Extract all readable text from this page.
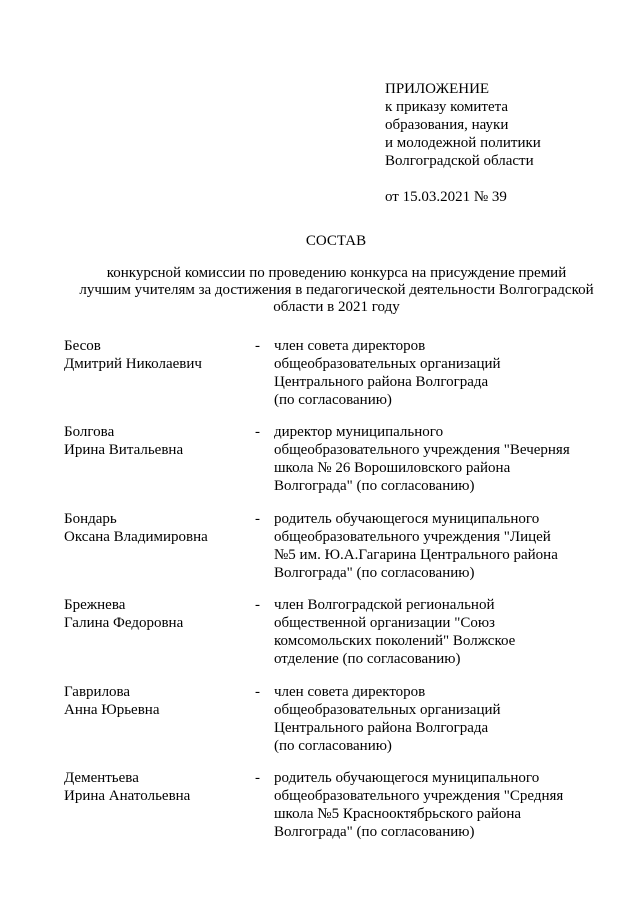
ПРИЛОЖЕНИЕ
к приказу комитета
образования, науки
и молодежной политики
Волгоградской области
от 15.03.2021 № 39
СОСТАВ
конкурсной комиссии по проведению конкурса на присуждение премий
лучшим учителям за достижения в педагогической деятельности Волгоградской
области в 2021 году
Бесов
Дмитрий Николаевич
- член совета директоров
общеобразовательных организаций
Центрального района Волгограда
(по согласованию)
Болгова
Ирина Витальевна
- директор муниципального
общеобразовательного учреждения "Вечерняя
школа № 26 Ворошиловского района
Волгограда" (по согласованию)
Бондарь
Оксана Владимировна
- родитель обучающегося муниципального
общеобразовательного учреждения "Лицей
№5 им. Ю.А.Гагарина Центрального района
Волгограда" (по согласованию)
Брежнева
Галина Федоровна
- член Волгоградской региональной
общественной организации "Союз
комсомольских поколений" Волжское
отделение (по согласованию)
Гаврилова
Анна Юрьевна
- член совета директоров
общеобразовательных организаций
Центрального района Волгограда
(по согласованию)
Дементьева
Ирина Анатольевна
- родитель обучающегося муниципального
общеобразовательного учреждения "Средняя
школа №5 Краснооктябрьского района
Волгограда" (по согласованию)
